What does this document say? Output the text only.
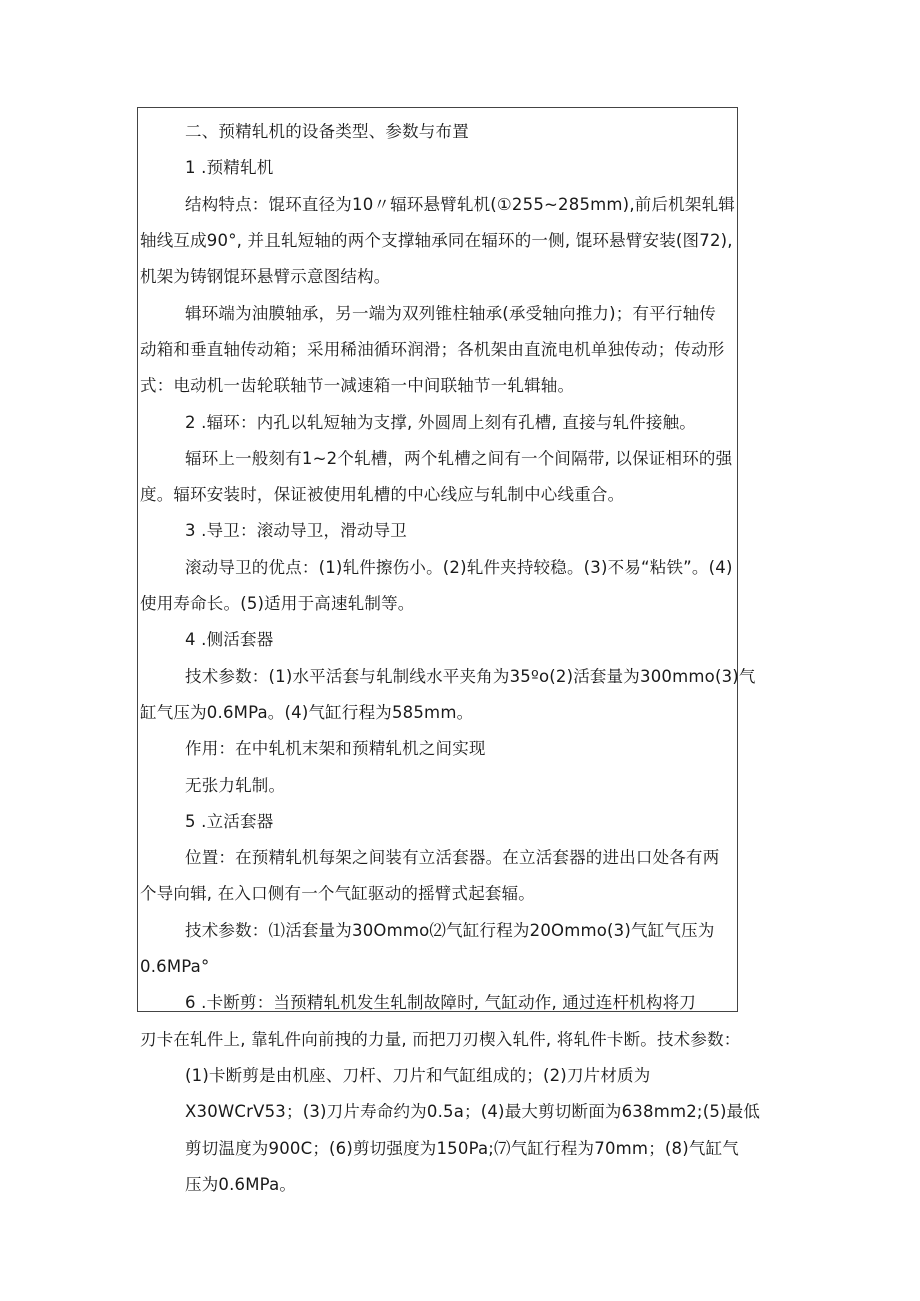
二、预精轧机的设备类型、参数与布置
1 .预精轧机
结构特点：馄环直径为10〃辐环悬臂轧机(①255~285mm),前后机架轧辑
轴线互成90°, 并且轧短轴的两个支撑轴承同在辐环的一侧, 馄环悬臂安装(图72),
机架为铸钢馄环悬臂示意图结构。
辑环端为油膜轴承，另一端为双列锥柱轴承(承受轴向推力)；有平行轴传
动箱和垂直轴传动箱；采用稀油循环润滑；各机架由直流电机单独传动；传动形
式：电动机一齿轮联轴节一减速箱一中间联轴节一轧辑轴。
2 .辐环：内孔以轧短轴为支撑, 外圆周上刻有孔槽, 直接与轧件接触。
辐环上一般刻有1~2个轧槽，两个轧槽之间有一个间隔带, 以保证相环的强
度。辐环安装时，保证被使用轧槽的中心线应与轧制中心线重合。
3 .导卫：滚动导卫，滑动导卫
滚动导卫的优点：(1)轧件擦伤小。(2)轧件夹持较稳。(3)不易“粘铁”。(4)
使用寿命长。(5)适用于高速轧制等。
4 .侧活套器
技术参数：(1)水平活套与轧制线水平夹角为35ºo(2)活套量为300mmo(3)气
缸气压为0.6MPa。(4)气缸行程为585mm。
作用：在中轧机末架和预精轧机之间实现
无张力轧制。
5 .立活套器
位置：在预精轧机每架之间装有立活套器。在立活套器的进出口处各有两
个导向辑, 在入口侧有一个气缸驱动的摇臂式起套辐。
技术参数：⑴活套量为30Ommo⑵气缸行程为20Ommo(3)气缸气压为
0.6MPa°
6 .卡断剪：当预精轧机发生轧制故障时, 气缸动作, 通过连杆机构将刀
刃卡在轧件上, 靠轧件向前拽的力量, 而把刀刃楔入轧件, 将轧件卡断。技术参数：
(1)卡断剪是由机座、刀杆、刀片和气缸组成的；(2)刀片材质为
X30WCrV53；(3)刀片寿命约为0.5a；(4)最大剪切断面为638mm2;(5)最低
剪切温度为900C；(6)剪切强度为150Pa;⑺气缸行程为70mm；(8)气缸气
压为0.6MPa。
